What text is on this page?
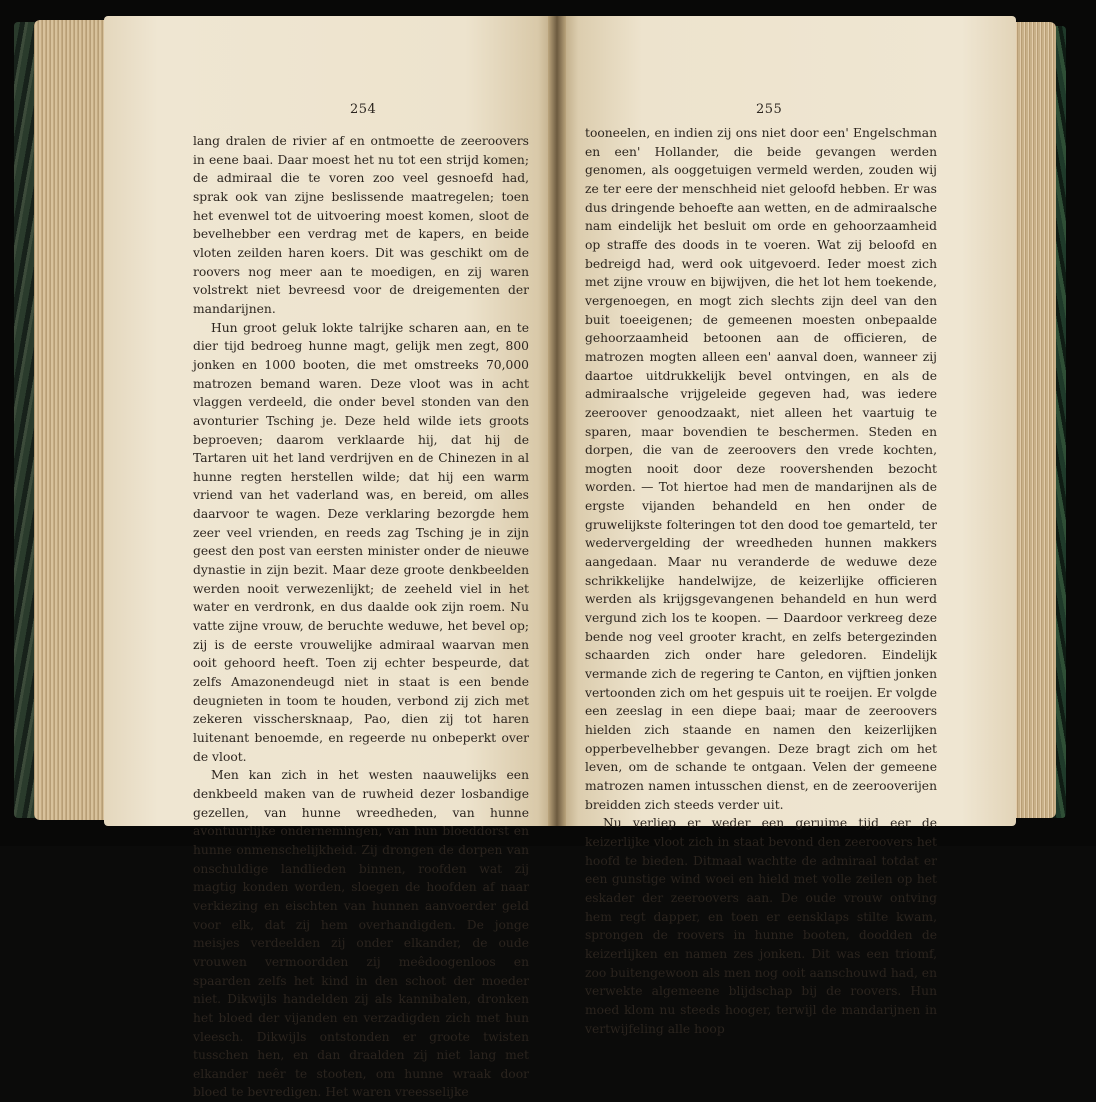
254	255

lang dralen de rivier af en ontmoette de zeeroovers in eene baai. Daar moest het nu tot een strijd komen; de admiraal die te voren zoo veel gesnoefd had, sprak ook van zijne beslissende maatregelen; toen het evenwel tot de uitvoering moest komen, sloot de bevelhebber een verdrag met de kapers, en beide vloten zeilden haren koers. Dit was geschikt om de roovers nog meer aan te moedigen, en zij waren volstrekt niet bevreesd voor de dreigementen der mandarijnen.

Hun groot geluk lokte talrijke scharen aan, en te dier tijd bedroeg hunne magt, gelijk men zegt, 800 jonken en 1000 booten, die met omstreeks 70,000 matrozen bemand waren. Deze vloot was in acht vlaggen verdeeld, die onder bevel stonden van den avonturier Tsching je. Deze held wilde iets groots beproeven; daarom verklaarde hij, dat hij de Tartaren uit het land verdrijven en de Chinezen in al hunne regten herstellen wilde; dat hij een warm vriend van het vaderland was, en bereid, om alles daarvoor te wagen. Deze verklaring bezorgde hem zeer veel vrienden, en reeds zag Tsching je in zijn geest den post van eersten minister onder de nieuwe dynastie in zijn bezit. Maar deze groote denkbeelden werden nooit verwezenlijkt; de zeeheld viel in het water en verdronk, en dus daalde ook zijn roem. Nu vatte zijne vrouw, de beruchte weduwe, het bevel op; zij is de eerste vrouwelijke admiraal waarvan men ooit gehoord heeft. Toen zij echter bespeurde, dat zelfs Amazonendeugd niet in staat is een bende deugnieten in toom te houden, verbond zij zich met zekeren visschersknaap, Pao, dien zij tot haren luitenant benoemde, en regeerde nu onbeperkt over de vloot.

Men kan zich in het westen naauwelijks een denkbeeld maken van de ruwheid dezer losbandige gezellen, van hunne wreedheden, van hunne avontuurlijke ondernemingen, van hun bloeddorst en hunne onmenschelijkheid. Zij drongen de dorpen van onschuldige landlieden binnen, roofden wat zij magtig konden worden, sloegen de hoofden af naar verkiezing en eischten van hunnen aanvoerder geld voor elk, dat zij hem overhandigden. De jonge meisjes verdeelden zij onder elkander, de oude vrouwen vermoordden zij meêdoogenloos en spaarden zelfs het kind in den schoot der moeder niet. Dikwijls handelden zij als kannibalen, dronken het bloed der vijanden en verzadigden zich met hun vleesch. Dikwijls ontstonden er groote twisten tusschen hen, en dan draalden zij niet lang met elkander neêr te stooten, om hunne wraak door bloed te bevredigen. Het waren vreesselijke

tooneelen, en indien zij ons niet door een' Engelschman en een' Hollander, die beide gevangen werden genomen, als ooggetuigen vermeld werden, zouden wij ze ter eere der menschheid niet geloofd hebben. Er was dus dringende behoefte aan wetten, en de admiraalsche nam eindelijk het besluit om orde en gehoorzaamheid op straffe des doods in te voeren. Wat zij beloofd en bedreigd had, werd ook uitgevoerd. Ieder moest zich met zijne vrouw en bijwijven, die het lot hem toekende, vergenoegen, en mogt zich slechts zijn deel van den buit toeeigenen; de gemeenen moesten onbepaalde gehoorzaamheid betoonen aan de officieren, de matrozen mogten alleen een' aanval doen, wanneer zij daartoe uitdrukkelijk bevel ontvingen, en als de admiraalsche vrijgeleide gegeven had, was iedere zeeroover genoodzaakt, niet alleen het vaartuig te sparen, maar bovendien te beschermen. Steden en dorpen, die van de zeeroovers den vrede kochten, mogten nooit door deze roovershenden bezocht worden. — Tot hiertoe had men de mandarijnen als de ergste vijanden behandeld en hen onder de gruwelijkste folteringen tot den dood toe gemarteld, ter wedervergelding der wreedheden hunnen makkers aangedaan. Maar nu veranderde de weduwe deze schrikkelijke handelwijze, de keizerlijke officieren werden als krijgsgevangenen behandeld en hun werd vergund zich los te koopen. — Daardoor verkreeg deze bende nog veel grooter kracht, en zelfs betergezinden schaarden zich onder hare geledoren. Eindelijk vermande zich de regering te Canton, en vijftien jonken vertoonden zich om het gespuis uit te roeijen. Er volgde een zeeslag in een diepe baai; maar de zeeroovers hielden zich staande en namen den keizerlijken opperbevelhebber gevangen. Deze bragt zich om het leven, om de schande te ontgaan. Velen der gemeene matrozen namen intusschen dienst, en de zeerooverijen breidden zich steeds verder uit.

Nu verliep er weder een geruime tijd eer de keizerlijke vloot zich in staat bevond den zeeroovers het hoofd te bieden. Ditmaal wachtte de admiraal totdat er een gunstige wind woei en hield met volle zeilen op het eskader der zeeroovers aan. De oude vrouw ontving hem regt dapper, en toen er eensklaps stilte kwam, sprongen de roovers in hunne booten, doodden de keizerlijken en namen zes jonken. Dit was een triomf, zoo buitengewoon als men nog ooit aanschouwd had, en verwekte algemeene blijdschap bij de roovers. Hun moed klom nu steeds hooger, terwijl de mandarijnen in vertwijfeling alle hoop
